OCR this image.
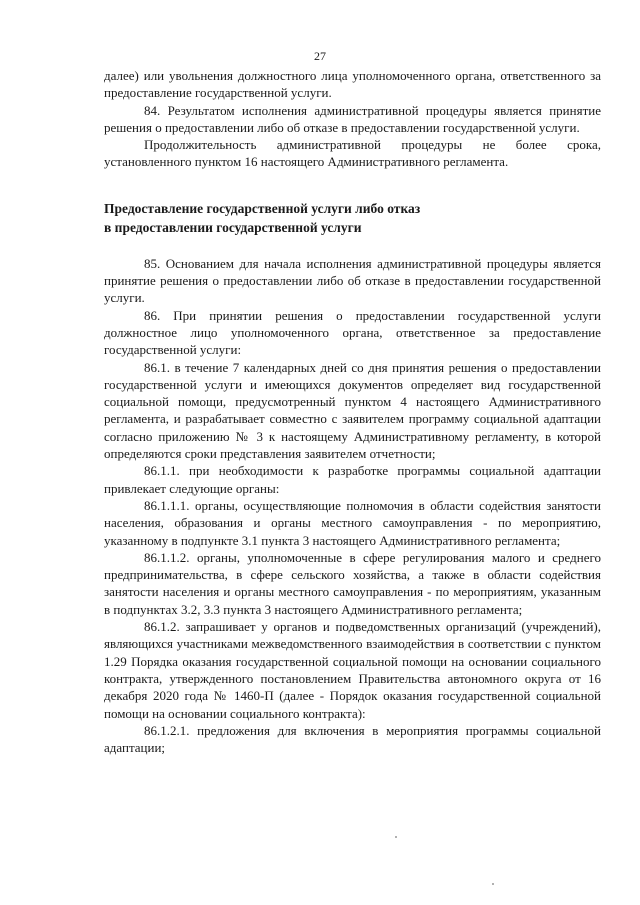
27

далее) или увольнения должностного лица уполномоченного органа, ответственного за предоставление государственной услуги.

84. Результатом исполнения административной процедуры является принятие решения о предоставлении либо об отказе в предоставлении государственной услуги.

Продолжительность административной процедуры не более срока, установленного пунктом 16 настоящего Административного регламента.

Предоставление государственной услуги либо отказ

в предоставлении государственной услуги

85. Основанием для начала исполнения административной процедуры является принятие решения о предоставлении либо об отказе в предоставлении государственной услуги.

86. При принятии решения о предоставлении государственной услуги должностное лицо уполномоченного органа, ответственное за предоставление государственной услуги:

86.1. в течение 7 календарных дней со дня принятия решения о предоставлении государственной услуги и имеющихся документов определяет вид государственной социальной помощи, предусмотренный пунктом 4 настоящего Административного регламента, и разрабатывает совместно с заявителем программу социальной адаптации согласно приложению № 3 к настоящему Административному регламенту, в которой определяются сроки представления заявителем отчетности;

86.1.1. при необходимости к разработке программы социальной адаптации привлекает следующие органы:

86.1.1.1. органы, осуществляющие полномочия в области содействия занятости населения, образования и органы местного самоуправления - по мероприятию, указанному в подпункте 3.1 пункта 3 настоящего Административного регламента;

86.1.1.2. органы, уполномоченные в сфере регулирования малого и среднего предпринимательства, в сфере сельского хозяйства, а также в области содействия занятости населения и органы местного самоуправления - по мероприятиям, указанным в подпунктах 3.2, 3.3 пункта 3 настоящего Административного регламента;

86.1.2. запрашивает у органов и подведомственных организаций (учреждений), являющихся участниками межведомственного взаимодействия в соответствии с пунктом 1.29 Порядка оказания государственной социальной помощи на основании социального контракта, утвержденного постановлением Правительства автономного округа от 16 декабря 2020 года № 1460-П (далее - Порядок оказания государственной социальной помощи на основании социального контракта):

86.1.2.1. предложения для включения в мероприятия программы социальной адаптации;
